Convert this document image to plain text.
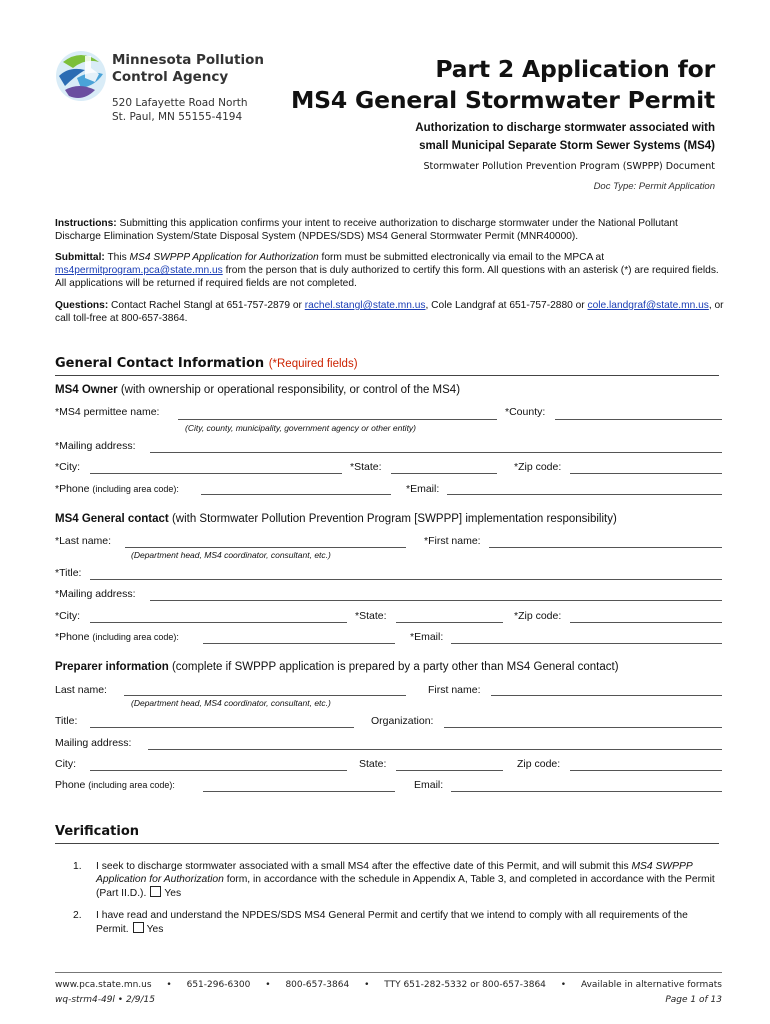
Minnesota Pollution
Control Agency
520 Lafayette Road North
St. Paul, MN 55155-4194
Part 2 Application for
MS4 General Stormwater Permit
Authorization to discharge stormwater associated with
small Municipal Separate Storm Sewer Systems (MS4)
Stormwater Pollution Prevention Program (SWPPP) Document
Doc Type: Permit Application
Instructions: Submitting this application confirms your intent to receive authorization to discharge stormwater under the National Pollutant Discharge Elimination System/State Disposal System (NPDES/SDS) MS4 General Stormwater Permit (MNR40000).
Submittal: This MS4 SWPPP Application for Authorization form must be submitted electronically via email to the MPCA at ms4permitprogram.pca@state.mn.us from the person that is duly authorized to certify this form. All questions with an asterisk (*) are required fields. All applications will be returned if required fields are not completed.
Questions: Contact Rachel Stangl at 651-757-2879 or rachel.stangl@state.mn.us, Cole Landgraf at 651-757-2880 or cole.landgraf@state.mn.us, or call toll-free at 800-657-3864.
General Contact Information (*Required fields)
MS4 Owner (with ownership or operational responsibility, or control of the MS4)
*MS4 permittee name:	*County:
(City, county, municipality, government agency or other entity)
*Mailing address:
*City:	*State:	*Zip code:
*Phone (including area code):	*Email:
MS4 General contact (with Stormwater Pollution Prevention Program [SWPPP] implementation responsibility)
*Last name:	*First name:
(Department head, MS4 coordinator, consultant, etc.)
*Title:
*Mailing address:
*City:	*State:	*Zip code:
*Phone (including area code):	*Email:
Preparer information (complete if SWPPP application is prepared by a party other than MS4 General contact)
Last name:	First name:
(Department head, MS4 coordinator, consultant, etc.)
Title:	Organization:
Mailing address:
City:	State:	Zip code:
Phone (including area code):	Email:
Verification
1. I seek to discharge stormwater associated with a small MS4 after the effective date of this Permit, and will submit this MS4 SWPPP Application for Authorization form, in accordance with the schedule in Appendix A, Table 3, and completed in accordance with the Permit (Part II.D.). Yes
2. I have read and understand the NPDES/SDS MS4 General Permit and certify that we intend to comply with all requirements of the Permit. Yes
www.pca.state.mn.us • 651-296-6300 • 800-657-3864 • TTY 651-282-5332 or 800-657-3864 • Available in alternative formats
wq-strm4-49l • 2/9/15	Page 1 of 13
